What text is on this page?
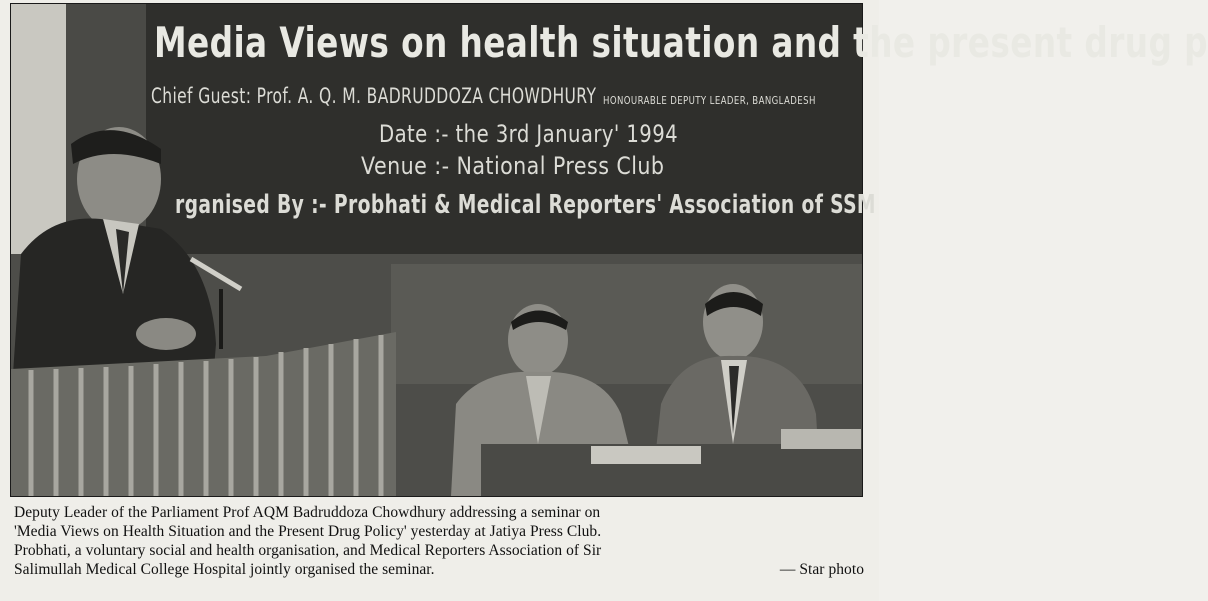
Media Views on health situation and the present drug p
Chief Guest: Prof. A. Q. M. BADRUDDOZA CHOWDHURY HONOURABLE DEPUTY LEADER, BANGLADESH
Date :- the 3rd January' 1994
Venue :- National Press Club
rganised By :- Probhati & Medical Reporters' Association of SSM
Deputy Leader of the Parliament Prof AQM Badruddoza Chowdhury addressing a seminar on
'Media Views on Health Situation and the Present Drug Policy' yesterday at Jatiya Press Club.
Probhati, a voluntary social and health organisation, and Medical Reporters Association of Sir
Salimullah Medical College Hospital jointly organised the seminar.	— Star photo
